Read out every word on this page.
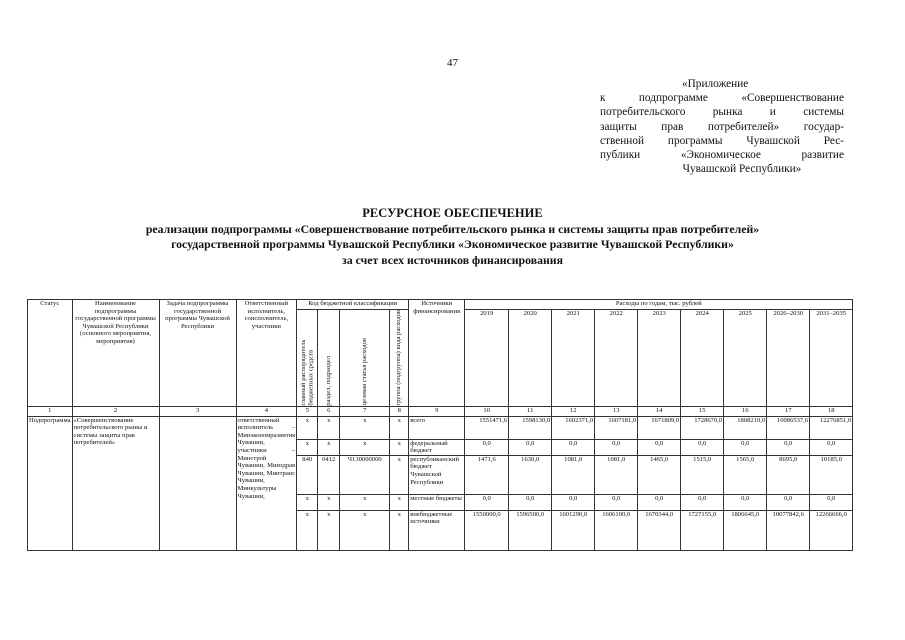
47
«Приложение
к подпрограмме «Совершенствование
потребительского рынка и системы
защиты прав потребителей» государ-
ственной программы Чувашской Рес-
публики «Экономическое развитие
Чувашской Республики»
РЕСУРСНОЕ ОБЕСПЕЧЕНИЕ
реализации подпрограммы «Совершенствование потребительского рынка и системы защиты прав потребителей»
государственной программы Чувашской Республики «Экономическое развитие Чувашской Республики»
за счет всех источников финансирования
Статус	Наименование подпрограммы государственной программы Чувашской Республики (основного мероприятия, мероприятия)	Задача подпрограммы государственной программы Чувашской Республики	Ответственный исполнитель, соисполнитель, участники	Код бюджетной классификации				Источники финансирования	Расходы по годам, тыс. рублей								

				главный распорядитель бюджетных средств	раздел, подраздел	целевая статья расходов	группа (подгруппа) вида расходов		2019	2020	2021	2022	2023	2024	2025	2026–2030	2031–2035
1	2	3	4	5	6	7	8	9	10	11	12	13	14	15	16	17	18
Подпрограмма	«Совершенствование потребительского рынка и системы защиты прав потребителей»		ответственный исполнитель – Минэкономразвития Чувашии, участники – Минстрой Чувашии, Минздрав Чувашии, Минтранс Чувашии, Минкультуры Чувашии,	x	x	x	x	всего	1551471,6	1598130,0	1602371,0	1607181,0	1671809,0	1728670,0	1808210,0	10086537,6	12276851,0
				x	x	x	x	федеральный бюджет	0,0	0,0	0,0	0,0	0,0	0,0	0,0	0,0	0,0
				840	0412	Ч130000000	x	республиканский бюджет Чувашской Республики	1471,6	1630,0	1081,0	1081,0	1465,0	1515,0	1565,0	8695,0	10185,0
				x	x	x	x	местные бюджеты	0,0	0,0	0,0	0,0	0,0	0,0	0,0	0,0	0,0
				x	x	x	x	внебюджетные источники	1550000,0	1596500,0	1601290,0	1606100,0	1670344,0	1727155,0	1806645,0	10077842,6	12266666,0
